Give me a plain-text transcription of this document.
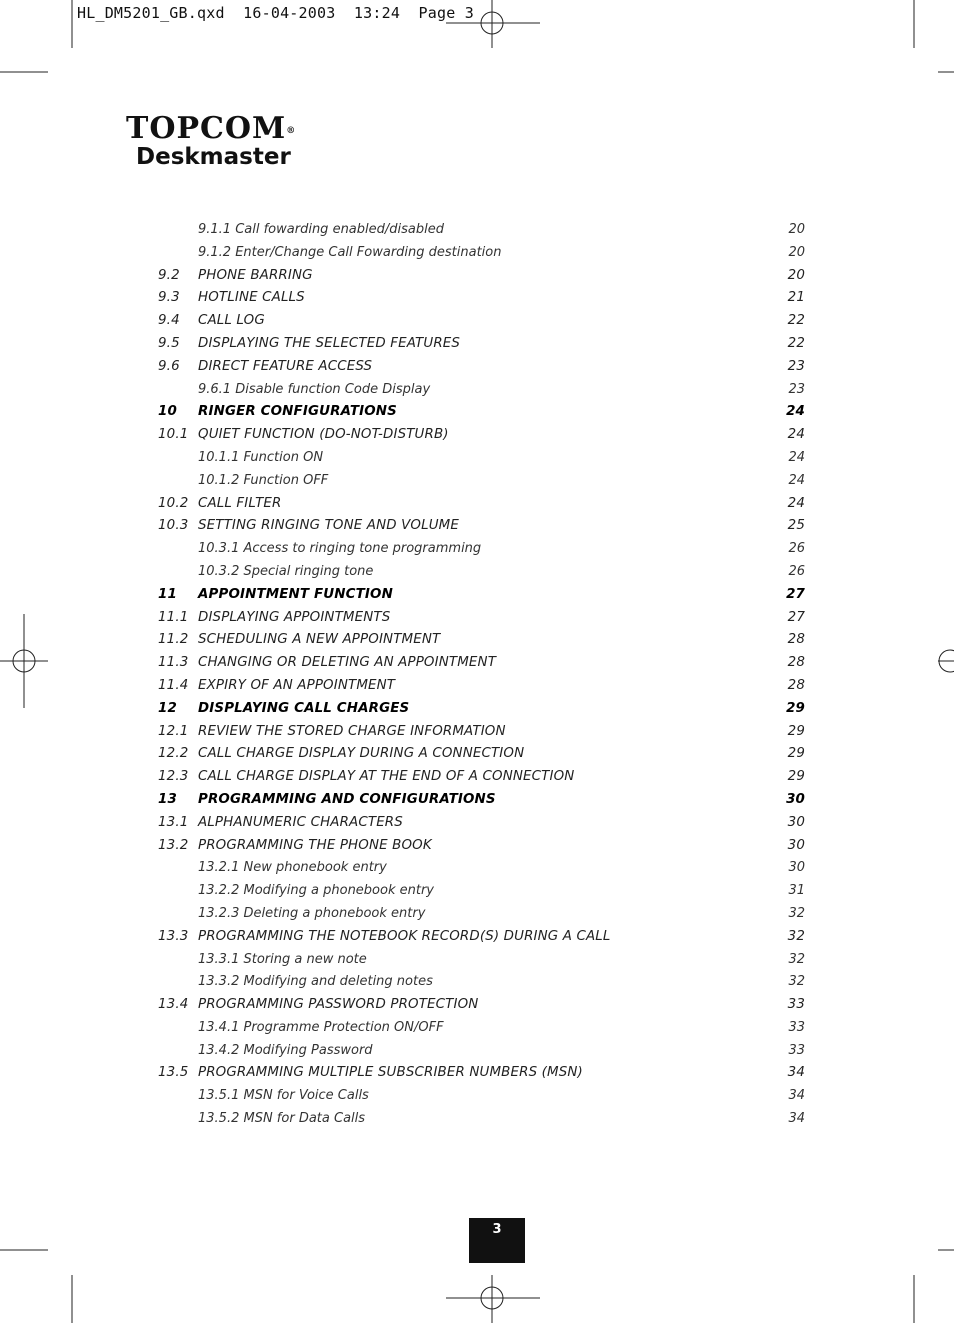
HL_DM5201_GB.qxd  16-04-2003  13:24  Page 3
TOPCOM®
Deskmaster
9.1.1 Call fowarding enabled/disabled	20
9.1.2 Enter/Change Call Fowarding destination	20
9.2 PHONE BARRING	20
9.3 HOTLINE CALLS	21
9.4 CALL LOG	22
9.5 DISPLAYING THE SELECTED FEATURES	22
9.6 DIRECT FEATURE ACCESS	23
9.6.1 Disable function Code Display	23
10 RINGER CONFIGURATIONS	24
10.1 QUIET FUNCTION (DO-NOT-DISTURB)	24
10.1.1 Function ON	24
10.1.2 Function OFF	24
10.2 CALL FILTER	24
10.3 SETTING RINGING TONE AND VOLUME	25
10.3.1 Access to ringing tone programming	26
10.3.2 Special ringing tone	26
11 APPOINTMENT FUNCTION	27
11.1 DISPLAYING APPOINTMENTS	27
11.2 SCHEDULING A NEW APPOINTMENT	28
11.3 CHANGING OR DELETING AN APPOINTMENT	28
11.4 EXPIRY OF AN APPOINTMENT	28
12 DISPLAYING CALL CHARGES	29
12.1 REVIEW THE STORED CHARGE INFORMATION	29
12.2 CALL CHARGE DISPLAY DURING A CONNECTION	29
12.3 CALL CHARGE DISPLAY AT THE END OF A CONNECTION	29
13 PROGRAMMING AND CONFIGURATIONS	30
13.1 ALPHANUMERIC CHARACTERS	30
13.2 PROGRAMMING THE PHONE BOOK	30
13.2.1 New phonebook entry	30
13.2.2 Modifying a phonebook entry	31
13.2.3 Deleting a phonebook entry	32
13.3 PROGRAMMING THE NOTEBOOK RECORD(S) DURING A CALL	32
13.3.1 Storing a new note	32
13.3.2 Modifying and deleting notes	32
13.4 PROGRAMMING PASSWORD PROTECTION	33
13.4.1 Programme Protection ON/OFF	33
13.4.2 Modifying Password	33
13.5 PROGRAMMING MULTIPLE SUBSCRIBER NUMBERS (MSN)	34
13.5.1 MSN for Voice Calls	34
13.5.2 MSN for Data Calls	34
3
